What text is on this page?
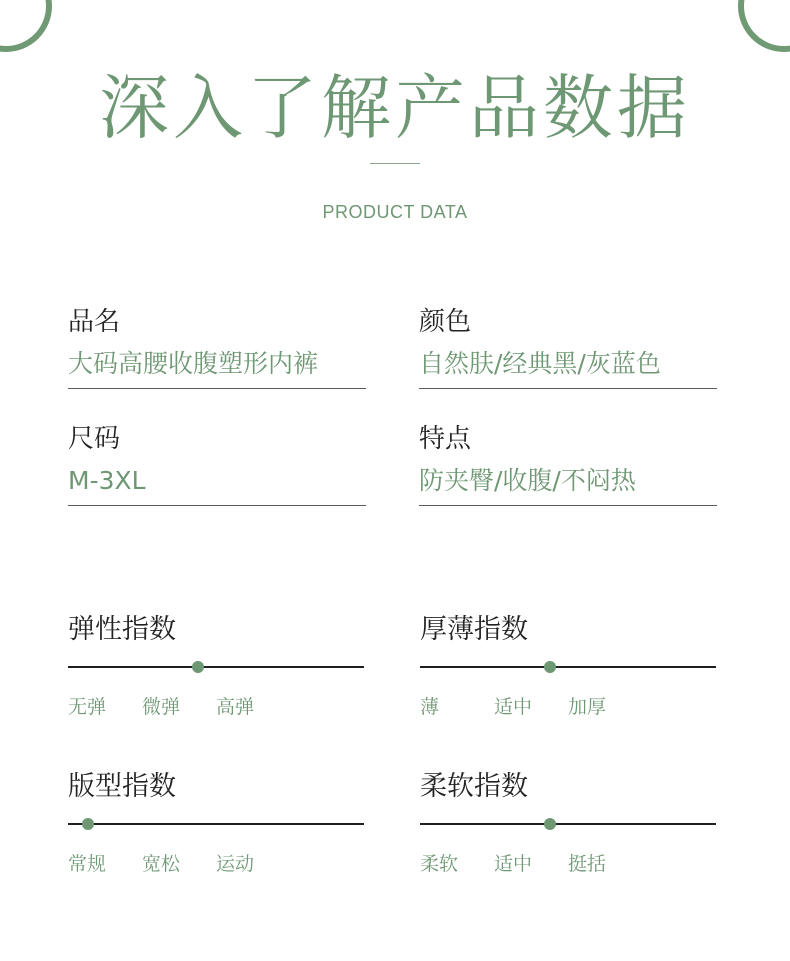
深入了解产品数据
PRODUCT DATA
品名
大码高腰收腹塑形内裤
颜色
自然肤/经典黑/灰蓝色
尺码
M-3XL
特点
防夹臀/收腹/不闷热
弹性指数
无弹 微弹 高弹
厚薄指数
薄	适中 加厚
版型指数
常规 宽松 运动
柔软指数
柔软 适中 挺括
